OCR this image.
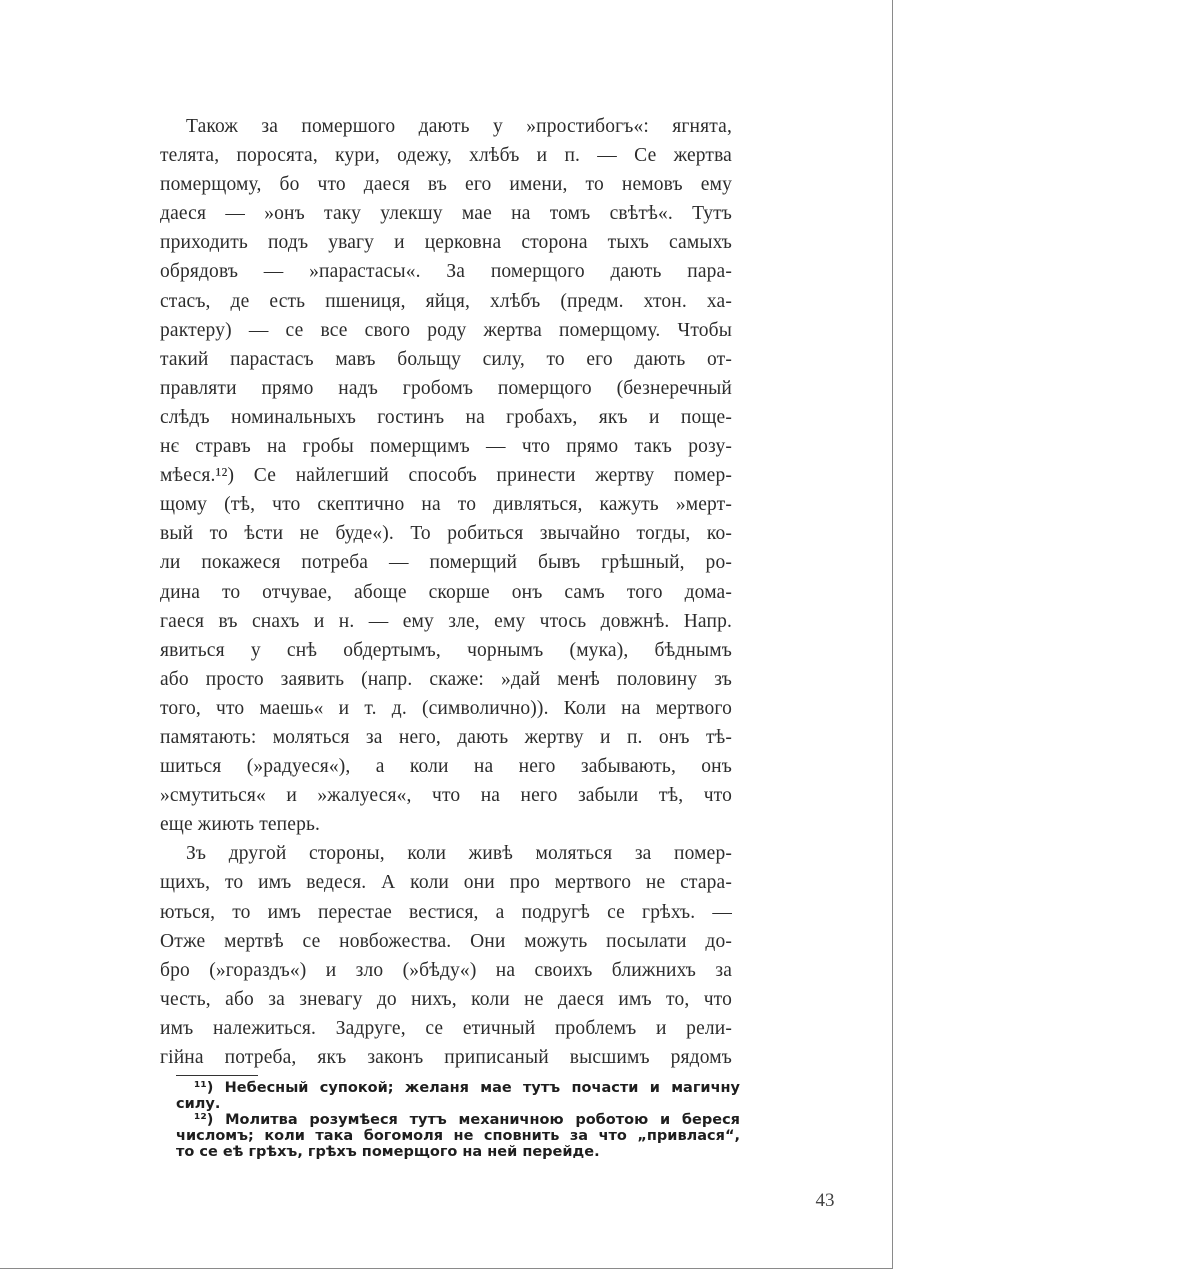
Також за помершого дають у »простибогъ«: ягнята,
телята, поросята, кури, одежу, хлѣбъ и п. — Се жертва
померщому, бо что даеся въ его имени, то немовъ ему
даеся — »онъ таку улекшу мае на томъ свѣтѣ«. Тутъ
приходить подъ увагу и церковна сторона тыхъ самыхъ
обрядовъ — »парастасы«. За померщого дають пара-
стасъ, де есть пшениця, яйця, хлѣбъ (предм. хтон. ха-
рактеру) — се все свого роду жертва померщому. Чтобы
такий парастасъ мавъ больщу силу, то его дають от-
правляти прямо надъ гробомъ померщого (безнеречный
слѣдъ номинальныхъ гостинъ на гробахъ, якъ и поще-
нє стравъ на гробы померщимъ — что прямо такъ розу-
мѣеся.¹²) Се найлегший способъ принести жертву помер-
щому (тѣ, что скептично на то дивляться, кажуть »мерт-
вый то ѣсти не буде«). То робиться звычайно тогды, ко-
ли покажеся потреба — померщий бывъ грѣшный, ро-
дина то отчувае, абоще скорше онъ самъ того дома-
гаеся въ снахъ и н. — ему зле, ему чтось довжнѣ. Напр.
явиться у снѣ обдертымъ, чорнымъ (мука), бѣднымъ
або просто заявить (напр. скаже: »дай менѣ половину зъ
того, что маешь« и т. д. (символично)). Коли на мертвого
памятають: моляться за него, дають жертву и п. онъ тѣ-
шиться (»радуеся«), а коли на него забывають, онъ
»смутиться« и »жалуеся«, что на него забыли тѣ, что
еще жиють теперь.
Зъ другой стороны, коли живѣ моляться за помер-
щихъ, то имъ ведеся. А коли они про мертвого не стара-
ються, то имъ перестае вестися, а подругѣ се грѣхъ. —
Отже мертвѣ се новбожества. Они можуть посылати до-
бро (»гораздъ«) и зло (»бѣду«) на своихъ ближнихъ за
честь, або за зневагу до нихъ, коли не даеся имъ то, что
имъ належиться. Задруге, се етичный проблемъ и рели-
гійна потреба, якъ законъ приписаный высшимъ рядомъ
¹¹) Небесный супокой; желаня мае тутъ почасти и магичну
силу.
¹²) Молитва розумѣеся тутъ механичною роботою и береся
числомъ; коли така богомоля не сповнить за что „привлася“,
то се еѣ грѣхъ, грѣхъ померщого на ней перейде.
43
